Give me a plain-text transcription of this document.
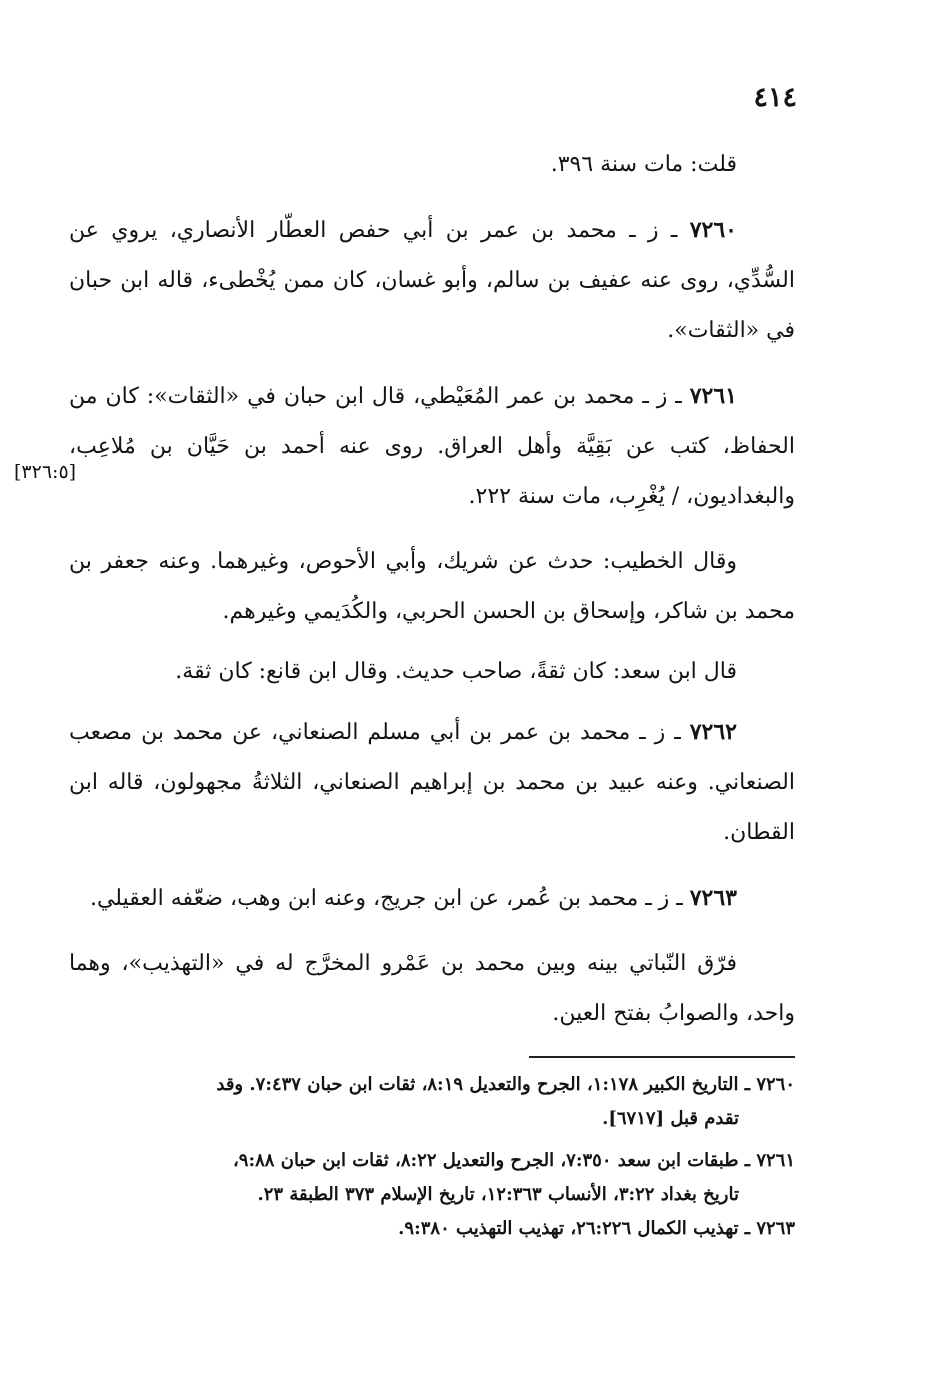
٤١٤

قلت: مات سنة ٣٩٦.

٧٢٦٠ ـ ز ـ محمد بن عمر بن أبي حفص العطّار الأنصاري، يروي عن السُّدِّي، روى عنه عفيف بن سالم، وأبو غسان، كان ممن يُخْطىء، قاله ابن حبان في «الثقات».

٧٢٦١ ـ ز ـ محمد بن عمر المُعَيْطي، قال ابن حبان في «الثقات»: كان من الحفاظ، كتب عن بَقِيَّة وأهل العراق. روى عنه أحمد بن حَيَّان بن مُلاعِب، والبغداديون، / يُغْرِب، مات سنة ٢٢٢.

وقال الخطيب: حدث عن شريك، وأبي الأحوص، وغيرهما. وعنه جعفر بن محمد بن شاكر، وإسحاق بن الحسن الحربي، والكُدَيمي وغيرهم.

قال ابن سعد: كان ثقةً، صاحب حديث. وقال ابن قانع: كان ثقة.

٧٢٦٢ ـ ز ـ محمد بن عمر بن أبي مسلم الصنعاني، عن محمد بن مصعب الصنعاني. وعنه عبيد بن محمد بن إبراهيم الصنعاني، الثلاثةُ مجهولون، قاله ابن القطان.

٧٢٦٣ ـ ز ـ محمد بن عُمر، عن ابن جريج، وعنه ابن وهب، ضعّفه العقيلي.

فرّق النّباتي بينه وبين محمد بن عَمْرو المخرَّج له في «التهذيب»، وهما واحد، والصوابُ بفتح العين.

[٣٢٦:٥]

٧٢٦٠ ـ التاريخ الكبير ١:١٧٨، الجرح والتعديل ٨:١٩، ثقات ابن حبان ٧:٤٣٧. وقد

تقدم قبل [٦٧١٧].

٧٢٦١ ـ طبقات ابن سعد ٧:٣٥٠، الجرح والتعديل ٨:٢٢، ثقات ابن حبان ٩:٨٨،

تاريخ بغداد ٣:٢٢، الأنساب ١٢:٣٦٣، تاريخ الإسلام ٣٧٣ الطبقة ٢٣.

٧٢٦٣ ـ تهذيب الكمال ٢٦:٢٢٦، تهذيب التهذيب ٩:٣٨٠.
